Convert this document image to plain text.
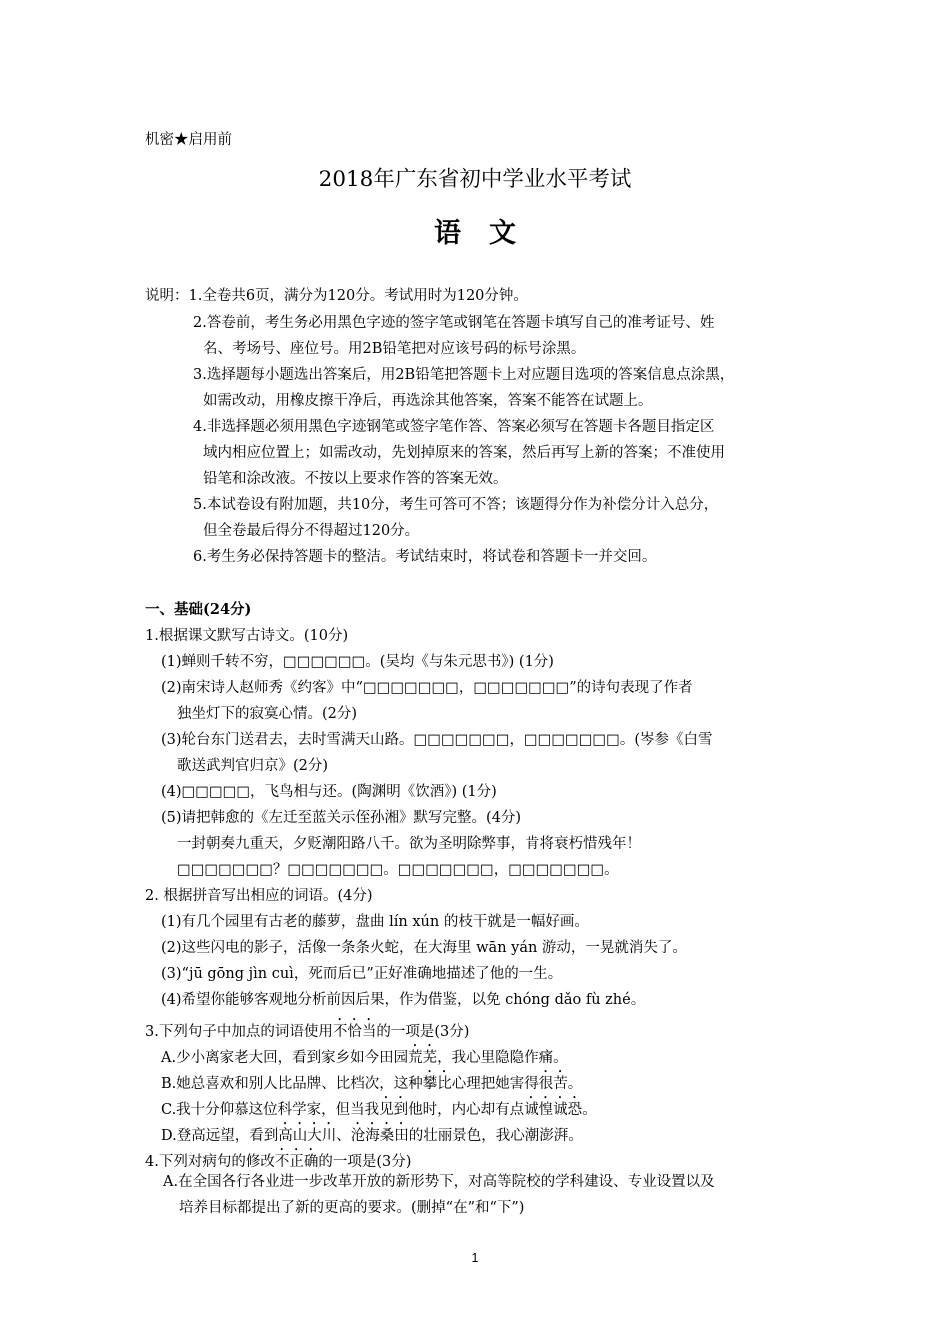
机密★启用前
2018年广东省初中学业水平考试
语文
说明：1.全卷共6页，满分为120分。考试用时为120分钟。
2.答卷前，考生务必用黑色字迹的签字笔或钢笔在答题卡填写自己的准考证号、姓
名、考场号、座位号。用2B铅笔把对应该号码的标号涂黑。
3.选择题每小题选出答案后，用2B铅笔把答题卡上对应题目选项的答案信息点涂黑，
如需改动，用橡皮擦干净后，再选涂其他答案，答案不能答在试题上。
4.非选择题必须用黑色字迹钢笔或签字笔作答、答案必须写在答题卡各题目指定区
域内相应位置上；如需改动，先划掉原来的答案，然后再写上新的答案；不准使用
铅笔和涂改液。不按以上要求作答的答案无效。
5.本试卷设有附加题，共10分，考生可答可不答；该题得分作为补偿分计入总分，
但全卷最后得分不得超过120分。
6.考生务必保持答题卡的整洁。考试结束时，将试卷和答题卡一并交回。
一、基础(24分)
1.根据课文默写古诗文。(10分)
(1)蝉则千转不穷，□□□□□□。(吴均《与朱元思书》) (1分)
(2)南宋诗人赵师秀《约客》中“□□□□□□□，□□□□□□□”的诗句表现了作者
独坐灯下的寂寞心情。(2分)
(3)轮台东门送君去，去时雪满天山路。□□□□□□□，□□□□□□□。(岑参《白雪
歌送武判官归京》(2分)
(4)□□□□□，飞鸟相与还。(陶渊明《饮酒》) (1分)
(5)请把韩愈的《左迁至蓝关示侄孙湘》默写完整。(4分)
一封朝奏九重天，夕贬潮阳路八千。欲为圣明除弊事，肯将衰朽惜残年！
□□□□□□□？□□□□□□□。□□□□□□□，□□□□□□□。
2. 根据拼音写出相应的词语。(4分)
(1)有几个园里有古老的藤萝，盘曲 lín xún 的枝干就是一幅好画。
(2)这些闪电的影子，活像一条条火蛇，在大海里 wān yán 游动，一晃就消失了。
(3)“jū gōng jìn cuì，死而后已”正好准确地描述了他的一生。
(4)希望你能够客观地分析前因后果，作为借鉴，以免 chóng dǎo fù zhé。
3.下列句子中加点的词语使用不恰当的一项是(3分)
A.少小离家老大回，看到家乡如今田园荒芜，我心里隐隐作痛。
B.她总喜欢和别人比品牌、比档次，这种攀比心理把她害得很苦。
C.我十分仰慕这位科学家，但当我见到他时，内心却有点诚惶诚恐。
D.登高远望，看到高山大川、沧海桑田的壮丽景色，我心潮澎湃。
4.下列对病句的修改不正确的一项是(3分)
A.在全国各行各业进一步改革开放的新形势下，对高等院校的学科建设、专业设置以及
培养目标都提出了新的更高的要求。(删掉“在”和“下”)
1
